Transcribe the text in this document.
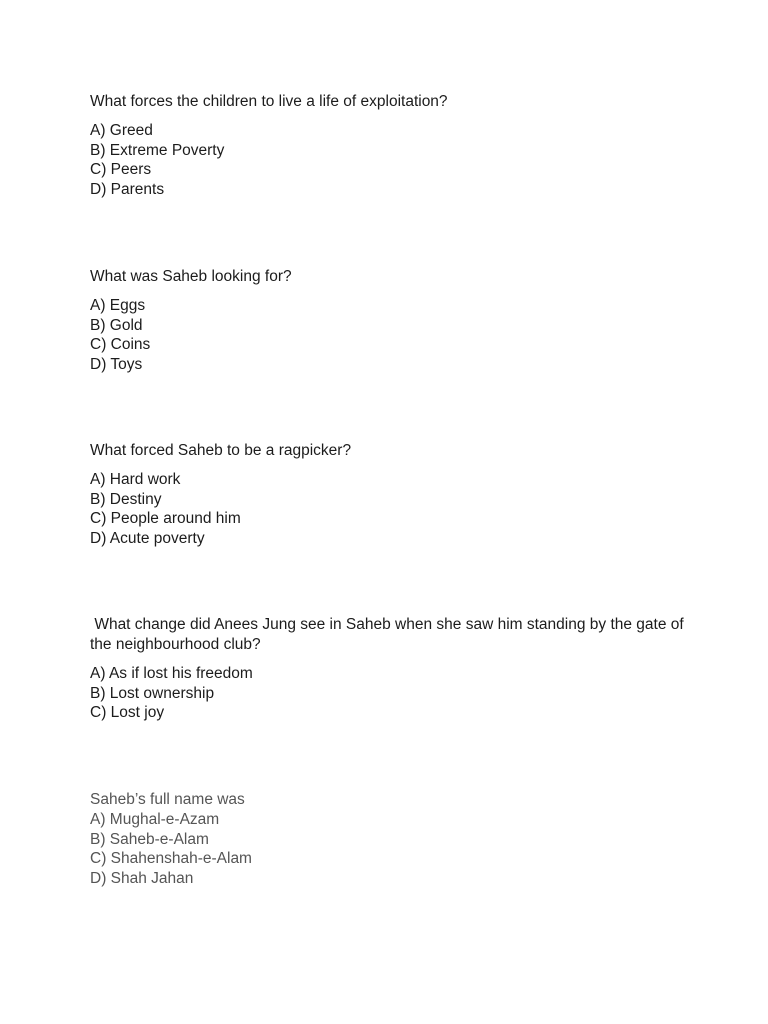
What forces the children to live a life of exploitation?

A) Greed
B) Extreme Poverty
C) Peers
D) Parents

What was Saheb looking for?

A) Eggs
B) Gold
C) Coins
D) Toys

What forced Saheb to be a ragpicker?

A) Hard work
B) Destiny
C) People around him
D) Acute poverty

What change did Anees Jung see in Saheb when she saw him standing by the gate of the neighbourhood club?

A) As if lost his freedom
B) Lost ownership
C) Lost joy

Saheb’s full name was

A) Mughal-e-Azam
B) Saheb-e-Alam
C) Shahenshah-e-Alam
D) Shah Jahan
